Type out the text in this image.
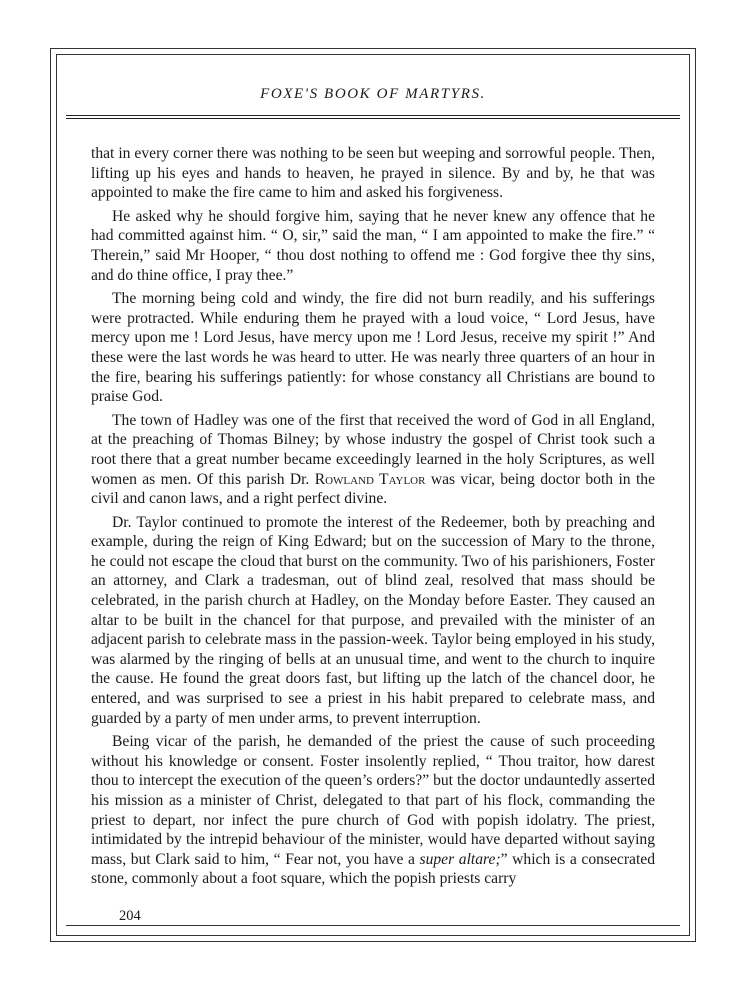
FOXE'S BOOK OF MARTYRS.

that in every corner there was nothing to be seen but weeping and sorrowful people. Then, lifting up his eyes and hands to heaven, he prayed in silence. By and by, he that was appointed to make the fire came to him and asked his forgiveness.

He asked why he should forgive him, saying that he never knew any offence that he had committed against him. “ O, sir,” said the man, “ I am appointed to make the fire.” “ Therein,” said Mr Hooper, “ thou dost nothing to offend me : God forgive thee thy sins, and do thine office, I pray thee.”

The morning being cold and windy, the fire did not burn readily, and his sufferings were protracted. While enduring them he prayed with a loud voice, “ Lord Jesus, have mercy upon me ! Lord Jesus, have mercy upon me ! Lord Jesus, receive my spirit !” And these were the last words he was heard to utter. He was nearly three quarters of an hour in the fire, bearing his sufferings patiently: for whose constancy all Christians are bound to praise God.

The town of Hadley was one of the first that received the word of God in all England, at the preaching of Thomas Bilney; by whose industry the gospel of Christ took such a root there that a great number became exceedingly learned in the holy Scriptures, as well women as men. Of this parish Dr. Rowland Taylor was vicar, being doctor both in the civil and canon laws, and a right perfect divine.

Dr. Taylor continued to promote the interest of the Redeemer, both by preaching and example, during the reign of King Edward; but on the succession of Mary to the throne, he could not escape the cloud that burst on the community. Two of his parishioners, Foster an attorney, and Clark a tradesman, out of blind zeal, resolved that mass should be celebrated, in the parish church at Hadley, on the Monday before Easter. They caused an altar to be built in the chancel for that purpose, and prevailed with the minister of an adjacent parish to celebrate mass in the passion-week. Taylor being employed in his study, was alarmed by the ringing of bells at an unusual time, and went to the church to inquire the cause. He found the great doors fast, but lifting up the latch of the chancel door, he entered, and was surprised to see a priest in his habit prepared to celebrate mass, and guarded by a party of men under arms, to prevent interruption.

Being vicar of the parish, he demanded of the priest the cause of such proceeding without his knowledge or consent. Foster insolently replied, “ Thou traitor, how darest thou to intercept the execution of the queen’s orders?” but the doctor undauntedly asserted his mission as a minister of Christ, delegated to that part of his flock, commanding the priest to depart, nor infect the pure church of God with popish idolatry. The priest, intimidated by the intrepid behaviour of the minister, would have departed without saying mass, but Clark said to him, “ Fear not, you have a super altare;” which is a consecrated stone, commonly about a foot square, which the popish priests carry

204
